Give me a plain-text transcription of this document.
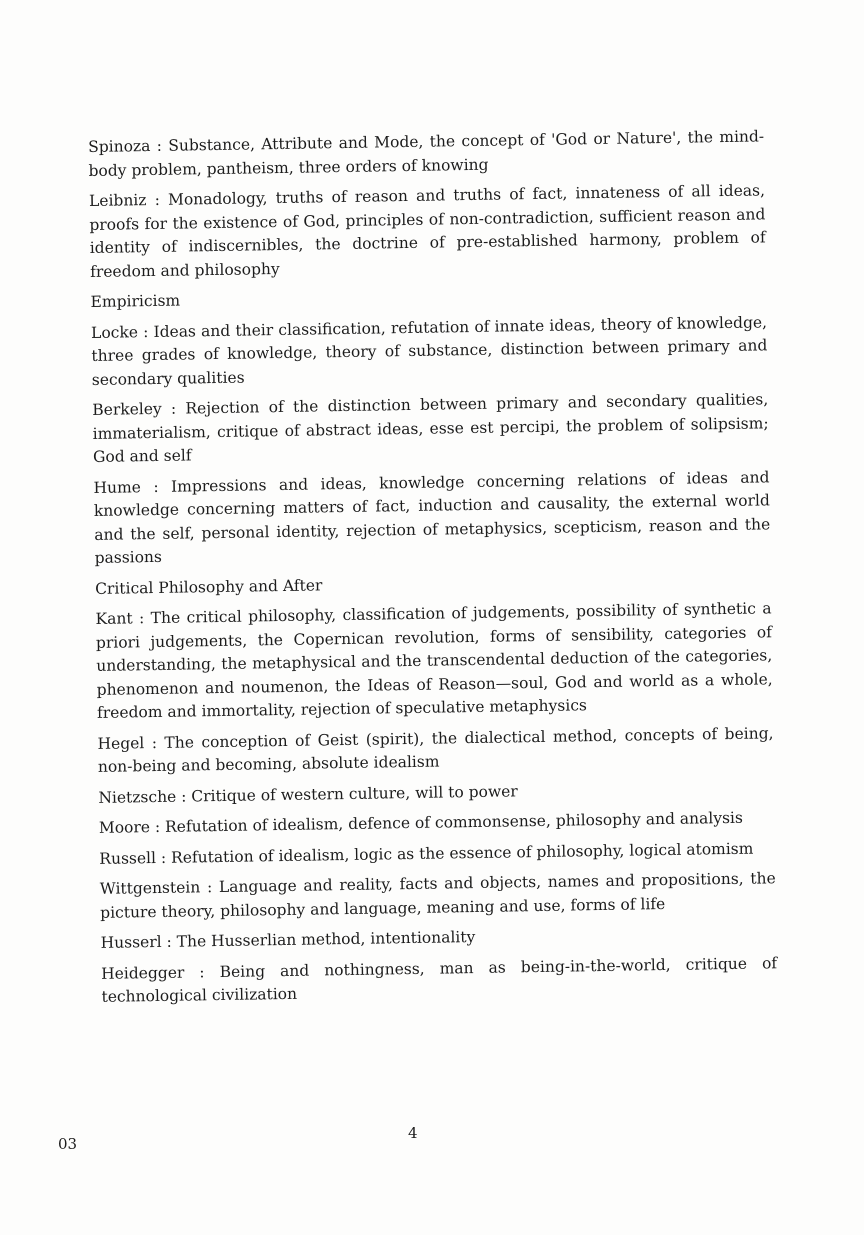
Spinoza : Substance, Attribute and Mode, the concept of 'God or Nature', the mind-body problem, pantheism, three orders of knowing

Leibniz : Monadology, truths of reason and truths of fact, innateness of all ideas, proofs for the existence of God, principles of non-contradiction, sufficient reason and identity of indiscernibles, the doctrine of pre-established harmony, problem of freedom and philosophy

Empiricism

Locke : Ideas and their classification, refutation of innate ideas, theory of knowledge, three grades of knowledge, theory of substance, distinction between primary and secondary qualities

Berkeley : Rejection of the distinction between primary and secondary qualities, immaterialism, critique of abstract ideas, esse est percipi, the problem of solipsism; God and self

Hume : Impressions and ideas, knowledge concerning relations of ideas and knowledge concerning matters of fact, induction and causality, the external world and the self, personal identity, rejection of metaphysics, scepticism, reason and the passions

Critical Philosophy and After

Kant : The critical philosophy, classification of judgements, possibility of synthetic a priori judgements, the Copernican revolution, forms of sensibility, categories of understanding, the metaphysical and the transcendental deduction of the categories, phenomenon and noumenon, the Ideas of Reason—soul, God and world as a whole, freedom and immortality, rejection of speculative metaphysics

Hegel : The conception of Geist (spirit), the dialectical method, concepts of being, non-being and becoming, absolute idealism

Nietzsche : Critique of western culture, will to power

Moore : Refutation of idealism, defence of commonsense, philosophy and analysis

Russell : Refutation of idealism, logic as the essence of philosophy, logical atomism

Wittgenstein : Language and reality, facts and objects, names and propositions, the picture theory, philosophy and language, meaning and use, forms of life

Husserl : The Husserlian method, intentionality

Heidegger : Being and nothingness, man as being-in-the-world, critique of technological civilization

03
4
